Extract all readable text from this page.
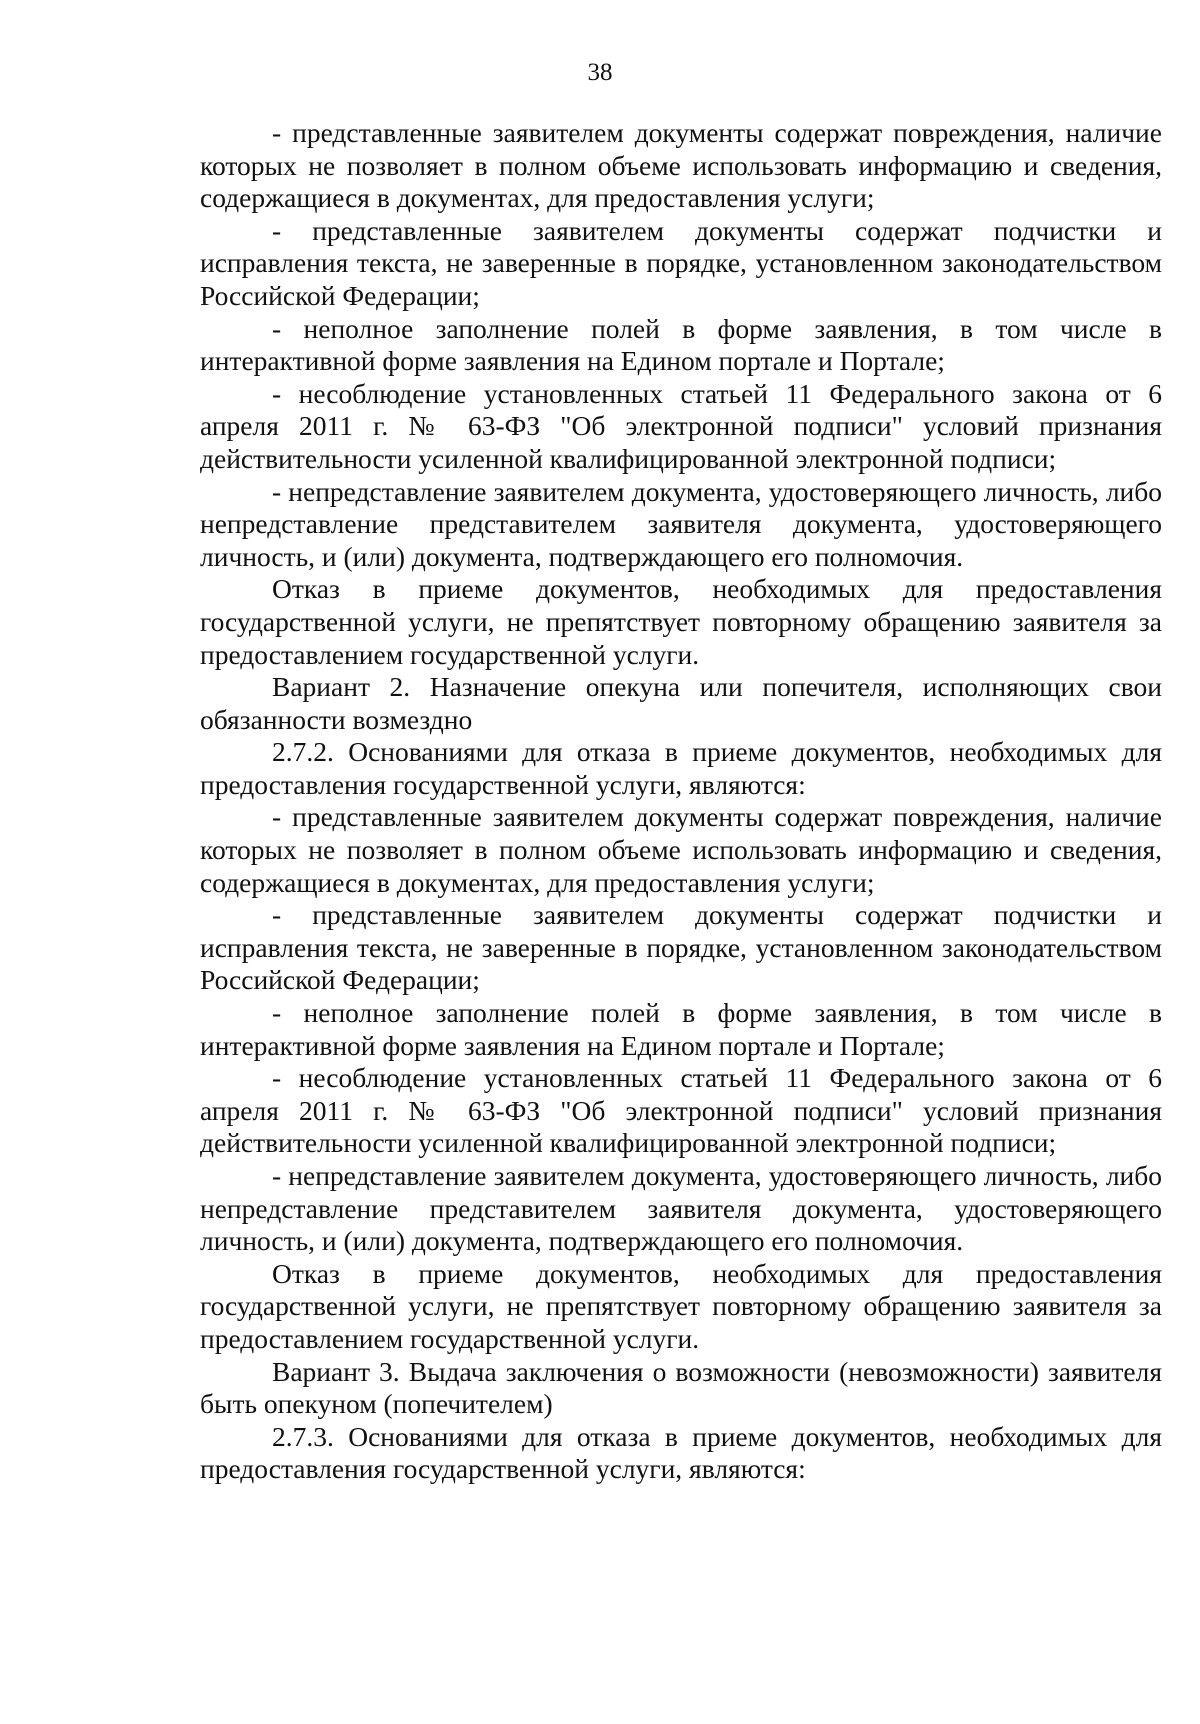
38

- представленные заявителем документы содержат повреждения, наличие которых не позволяет в полном объеме использовать информацию и сведения, содержащиеся в документах, для предоставления услуги;

- представленные заявителем документы содержат подчистки и исправления текста, не заверенные в порядке, установленном законодательством Российской Федерации;

- неполное заполнение полей в форме заявления, в том числе в интерактивной форме заявления на Едином портале и Портале;

- несоблюдение установленных статьей 11 Федерального закона от 6 апреля 2011 г. № 63-ФЗ "Об электронной подписи" условий признания действительности усиленной квалифицированной электронной подписи;

- непредставление заявителем документа, удостоверяющего личность, либо непредставление представителем заявителя документа, удостоверяющего личность, и (или) документа, подтверждающего его полномочия.

Отказ в приеме документов, необходимых для предоставления государственной услуги, не препятствует повторному обращению заявителя за предоставлением государственной услуги.

Вариант 2. Назначение опекуна или попечителя, исполняющих свои обязанности возмездно

2.7.2. Основаниями для отказа в приеме документов, необходимых для предоставления государственной услуги, являются:

- представленные заявителем документы содержат повреждения, наличие которых не позволяет в полном объеме использовать информацию и сведения, содержащиеся в документах, для предоставления услуги;

- представленные заявителем документы содержат подчистки и исправления текста, не заверенные в порядке, установленном законодательством Российской Федерации;

- неполное заполнение полей в форме заявления, в том числе в интерактивной форме заявления на Едином портале и Портале;

- несоблюдение установленных статьей 11 Федерального закона от 6 апреля 2011 г. № 63-ФЗ "Об электронной подписи" условий признания действительности усиленной квалифицированной электронной подписи;

- непредставление заявителем документа, удостоверяющего личность, либо непредставление представителем заявителя документа, удостоверяющего личность, и (или) документа, подтверждающего его полномочия.

Отказ в приеме документов, необходимых для предоставления государственной услуги, не препятствует повторному обращению заявителя за предоставлением государственной услуги.

Вариант 3. Выдача заключения о возможности (невозможности) заявителя быть опекуном (попечителем)

2.7.3. Основаниями для отказа в приеме документов, необходимых для предоставления государственной услуги, являются:
